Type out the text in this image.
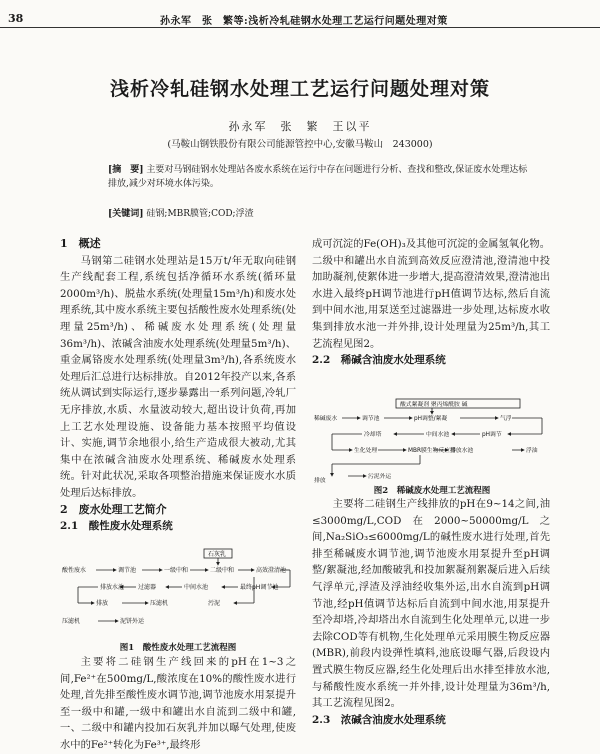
38	孙永军　张　繁等:浅析冷轧硅钢水处理工艺运行问题处理对策
浅析冷轧硅钢水处理工艺运行问题处理对策
孙永军　张　繁　王以平
(马鞍山钢铁股份有限公司能源管控中心,安徽马鞍山　243000)
[摘　要] 主要对马钢硅钢水处理站各废水系统在运行中存在问题进行分析、查找和整改,保证废水处理达标排放,减少对环境水体污染。
[关键词] 硅钢;MBR膜管;COD;浮渣
1　概述

马钢第二硅钢水处理站是15万t/年无取向硅钢生产线配套工程,系统包括净循环水系统(循环量2000m³/h)、脱盐水系统(处理量15m³/h)和废水处理系统,其中废水系统主要包括酸性废水处理系统(处理量25m³/h)、稀碱废水处理系统(处理量36m³/h)、浓碱含油废水处理系统(处理量5m³/h)、重金属铬废水处理系统(处理量3m³/h),各系统废水处理后汇总进行达标排放。自2012年投产以来,各系统从调试到实际运行,逐步暴露出一系列问题,冷轧厂无序排放,水质、水量波动较大,超出设计负荷,再加上工艺水处理设施、设备能力基本按照平均值设计、实施,调节余地很小,给生产造成很大被动,尤其集中在浓碱含油废水处理系统、稀碱废水处理系统。针对此状况,采取各项整治措施来保证废水水质处理后达标排放。

2　废水处理工艺简介
2.1　酸性废水处理系统
石灰乳
酸性废水	调节池	一级中和	二级中和	高效澄清池
最终pH调节池
中间水池
过滤器
排放水池
排放	污泥
压滤机
压滤机	泥饼外运
图1　酸性废水处理工艺流程图

主要将二硅钢生产线回来的pH在1~3之间,Fe²⁺在500mg/L,酸浓度在10%的酸性废水进行处理,首先排至酸性废水调节池,调节池废水用泵提升至一级中和罐,一级中和罐出水自流到二级中和罐,一、二级中和罐内投加石灰乳并加以曝气处理,使废水中的Fe²⁺转化为Fe³⁺,最终形

成可沉淀的Fe(OH)₃及其他可沉淀的金属氢氧化物。二级中和罐出水自流到高效反应澄清池,澄清池中投加助凝剂,使絮体进一步增大,提高澄清效果,澄清池出水进入最终pH调节池进行pH值调节达标,然后自流到中间水池,用泵送至过滤器进一步处理,达标废水收集到排放水池一并外排,设计处理量为25m³/h,其工艺流程见图2。

2.2　稀碱含油废水处理系统
酸式絮凝剂 聚丙烯酰胺 碱
稀碱废水	调节池	pH调整/絮凝	气浮
pH调节
中间水池
冷却塔
生化处理	MBR膜生物反应器
排放水池	浮油
排放
污泥外运
图2　稀碱废水处理工艺流程图

主要将二硅钢生产线排放的pH在9~14之间,油≤3000mg/L,COD在2000~50000mg/L之间,Na₂SiO₃≤6000mg/L的碱性废水进行处理,首先排至稀碱废水调节池,调节池废水用泵提升至pH调整/絮凝池,经加酸破乳和投加絮凝剂絮凝后进入后续气浮单元,浮渣及浮油经收集外运,出水自流到pH调节池,经pH值调节达标后自流到中间水池,用泵提升至冷却塔,冷却塔出水自流到生化处理单元,以进一步去除COD等有机物,生化处理单元采用膜生物反应器(MBR),前段内设弹性填料,池底设曝气器,后段设内置式膜生物反应器,经生化处理后出水排至排放水池,与稀酸性废水系统一并外排,设计处理量为36m³/h,其工艺流程见图2。

2.3　浓碱含油废水处理系统
